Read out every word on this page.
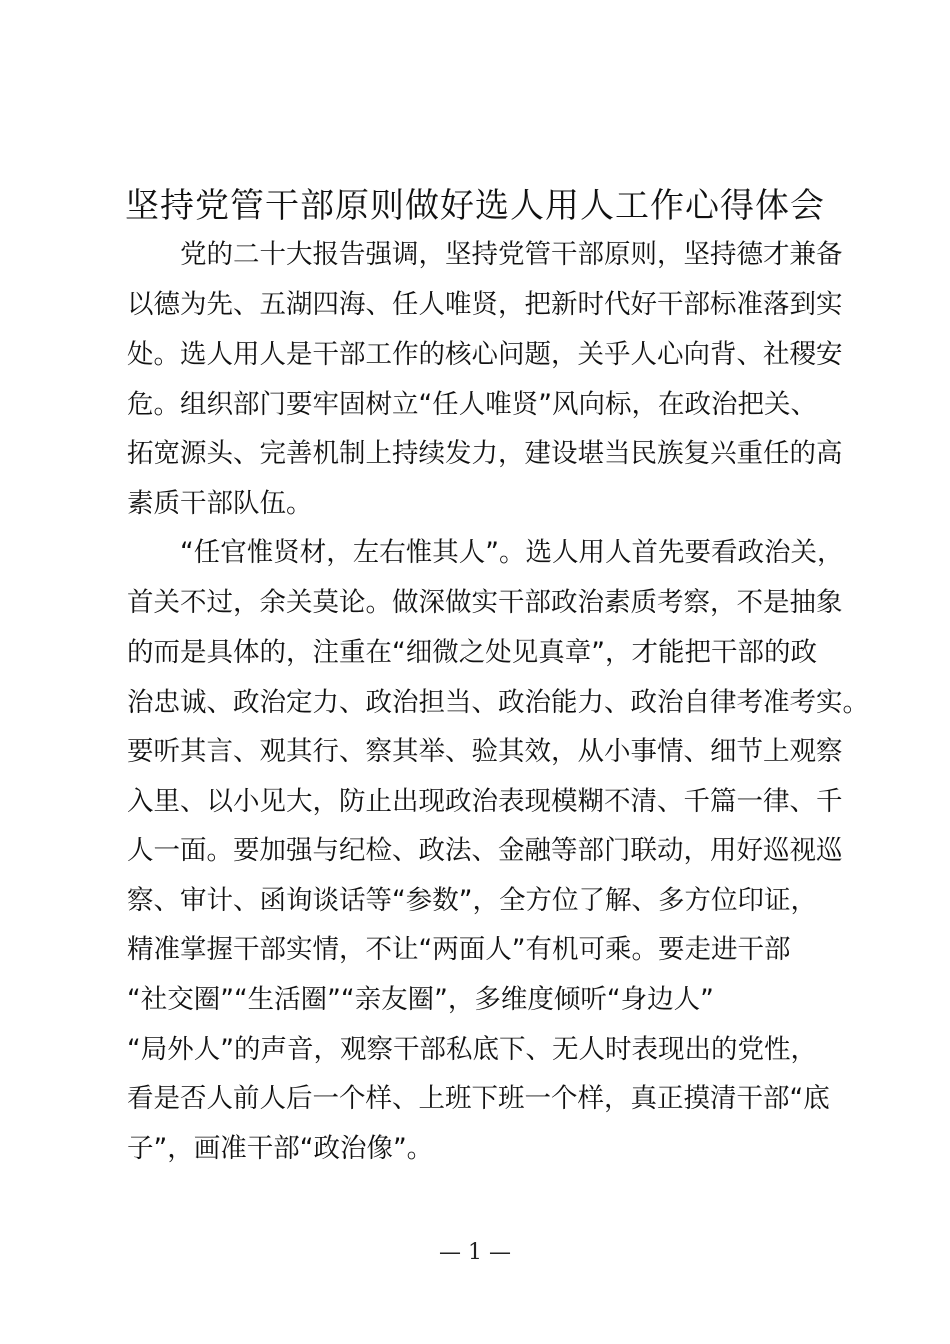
坚持党管干部原则做好选人用人工作心得体会
党的二十大报告强调，坚持党管干部原则，坚持德才兼备
以德为先、五湖四海、任人唯贤，把新时代好干部标准落到实
处。选人用人是干部工作的核心问题，关乎人心向背、社稷安
危。组织部门要牢固树立“任人唯贤”风向标，在政治把关、
拓宽源头、完善机制上持续发力，建设堪当民族复兴重任的高
素质干部队伍。
“任官惟贤材，左右惟其人”。选人用人首先要看政治关，
首关不过，余关莫论。做深做实干部政治素质考察，不是抽象
的而是具体的，注重在“细微之处见真章”，才能把干部的政
治忠诚、政治定力、政治担当、政治能力、政治自律考准考实。
要听其言、观其行、察其举、验其效，从小事情、细节上观察
入里、以小见大，防止出现政治表现模糊不清、千篇一律、千
人一面。要加强与纪检、政法、金融等部门联动，用好巡视巡
察、审计、函询谈话等“参数”，全方位了解、多方位印证，
精准掌握干部实情，不让“两面人”有机可乘。要走进干部
“社交圈”“生活圈”“亲友圈”，多维度倾听“身边人”
“局外人”的声音，观察干部私底下、无人时表现出的党性，
看是否人前人后一个样、上班下班一个样，真正摸清干部“底
子”，画准干部“政治像”。
— 1 —
